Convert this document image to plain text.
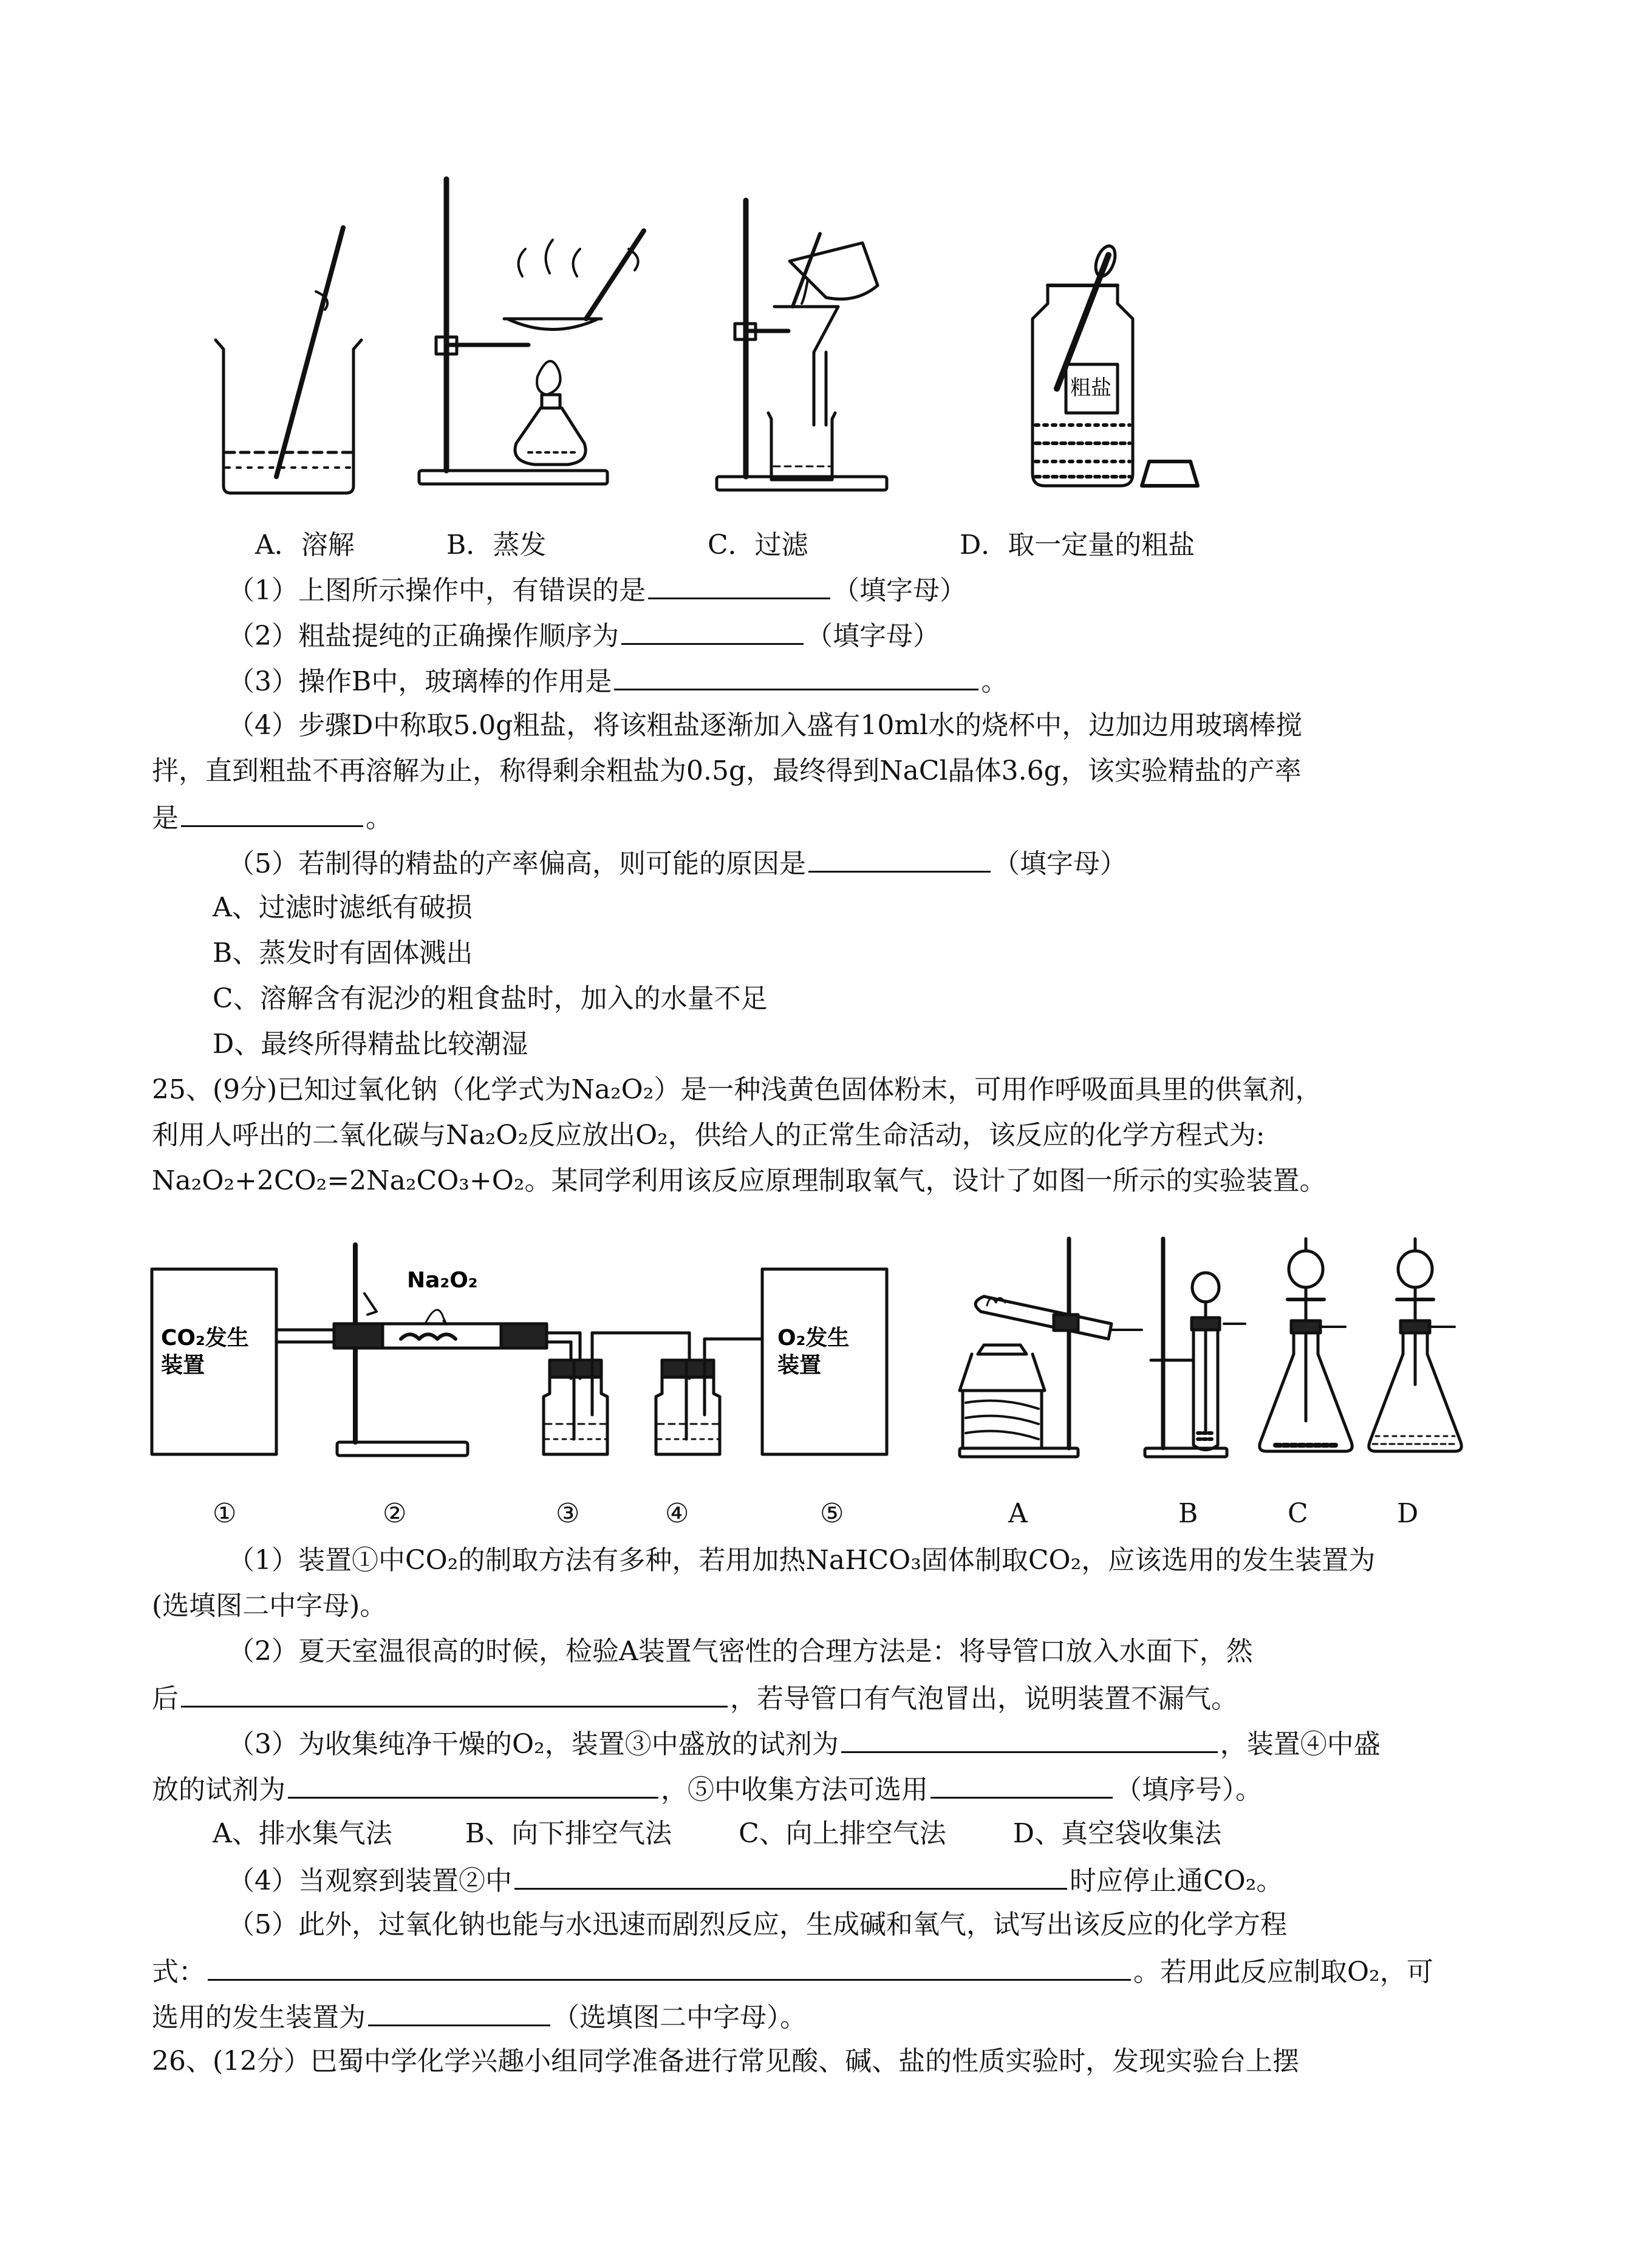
粗盐
A．溶解	B．蒸发	C．过滤	D．取一定量的粗盐
（1）上图所示操作中，有错误的是	（填字母）
（2）粗盐提纯的正确操作顺序为	（填字母）
（3）操作B中，玻璃棒的作用是	。
（4）步骤D中称取5.0g粗盐，将该粗盐逐渐加入盛有10ml水的烧杯中，边加边用玻璃棒搅
拌，直到粗盐不再溶解为止，称得剩余粗盐为0.5g，最终得到NaCl晶体3.6g，该实验精盐的产率
是	。
（5）若制得的精盐的产率偏高，则可能的原因是	（填字母）
A、过滤时滤纸有破损
B、蒸发时有固体溅出
C、溶解含有泥沙的粗食盐时，加入的水量不足
D、最终所得精盐比较潮湿
25、(9分)已知过氧化钠（化学式为Na₂O₂）是一种浅黄色固体粉末，可用作呼吸面具里的供氧剂，
利用人呼出的二氧化碳与Na₂O₂反应放出O₂，供给人的正常生命活动，该反应的化学方程式为:
Na₂O₂+2CO₂=2Na₂CO₃+O₂。某同学利用该反应原理制取氧气，设计了如图一所示的实验装置。
CO₂发生
装置
Na₂O₂
O₂发生
装置
①	②	③	④	⑤	A	B	C	D
（1）装置①中CO₂的制取方法有多种，若用加热NaHCO₃固体制取CO₂，应该选用的发生装置为
(选填图二中字母)。
（2）夏天室温很高的时候，检验A装置气密性的合理方法是：将导管口放入水面下，然
后	，若导管口有气泡冒出，说明装置不漏气。
（3）为收集纯净干燥的O₂，装置③中盛放的试剂为	，装置④中盛
放的试剂为	，⑤中收集方法可选用	（填序号）。
A、排水集气法	B、向下排空气法	C、向上排空气法	D、真空袋收集法
（4）当观察到装置②中	时应停止通CO₂。
（5）此外，过氧化钠也能与水迅速而剧烈反应，生成碱和氧气，试写出该反应的化学方程
式：	。若用此反应制取O₂，可
选用的发生装置为	（选填图二中字母）。
26、(12分）巴蜀中学化学兴趣小组同学准备进行常见酸、碱、盐的性质实验时，发现实验台上摆
